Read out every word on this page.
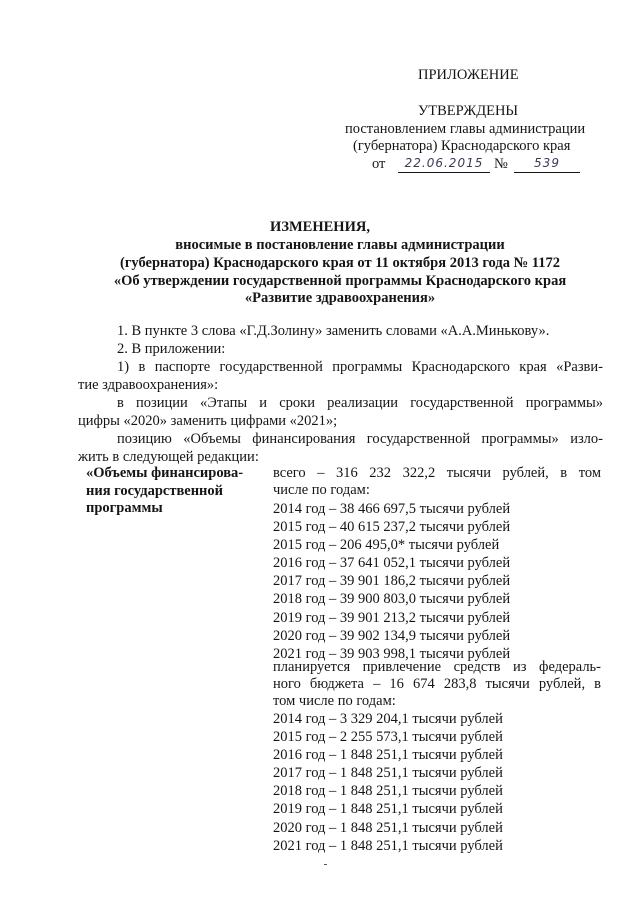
ПРИЛОЖЕНИЕ
УТВЕРЖДЕНЫ
постановлением главы администрации
(губернатора) Краснодарского края
от	22.06.2015 №	539
ИЗМЕНЕНИЯ,
вносимые в постановление главы администрации
(губернатора) Краснодарского края от 11 октября 2013 года № 1172
«Об утверждении государственной программы Краснодарского края
«Развитие здравоохранения»
1. В пункте 3 слова «Г.Д.Золину» заменить словами «А.А.Минькову».
2. В приложении:
1) в паспорте государственной программы Краснодарского края «Разви-
тие здравоохранения»:
в позиции «Этапы и сроки реализации государственной программы»
цифры «2020» заменить цифрами «2021»;
позицию «Объемы финансирования государственной программы» изло-
жить в следующей редакции:
«Объемы финансирова-
ния государственной
программы
всего – 316 232 322,2 тысячи рублей, в том
числе по годам:
2014 год – 38 466 697,5 тысячи рублей
2015 год – 40 615 237,2 тысячи рублей
2015 год – 206 495,0* тысячи рублей
2016 год – 37 641 052,1 тысячи рублей
2017 год – 39 901 186,2 тысячи рублей
2018 год – 39 900 803,0 тысячи рублей
2019 год – 39 901 213,2 тысячи рублей
2020 год – 39 902 134,9 тысячи рублей
2021 год – 39 903 998,1 тысячи рублей
планируется привлечение средств из федераль-
ного бюджета – 16 674 283,8 тысячи рублей, в
том числе по годам:
2014 год – 3 329 204,1 тысячи рублей
2015 год – 2 255 573,1 тысячи рублей
2016 год – 1 848 251,1 тысячи рублей
2017 год – 1 848 251,1 тысячи рублей
2018 год – 1 848 251,1 тысячи рублей
2019 год – 1 848 251,1 тысячи рублей
2020 год – 1 848 251,1 тысячи рублей
2021 год – 1 848 251,1 тысячи рублей
